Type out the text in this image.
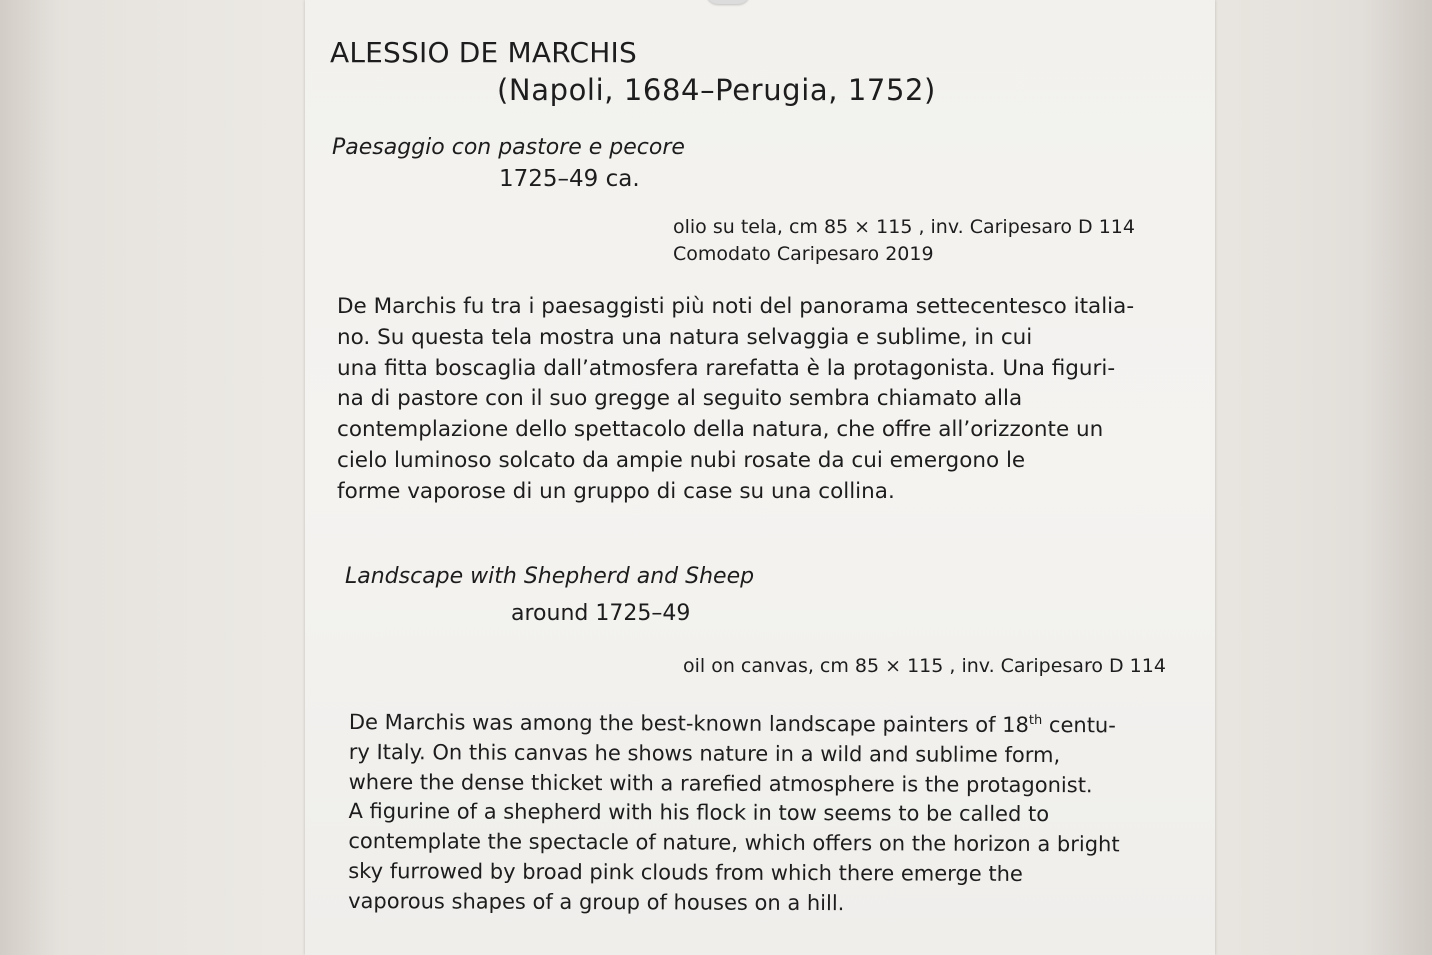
ALESSIO DE MARCHIS

(Napoli, 1684–Perugia, 1752)

Paesaggio con pastore e pecore

1725–49 ca.

olio su tela, cm 85 × 115 , inv. Caripesaro D 114

Comodato Caripesaro 2019

De Marchis fu tra i paesaggisti più noti del panorama settecentesco italia-
no. Su questa tela mostra una natura selvaggia e sublime, in cui
una fitta boscaglia dall’atmosfera rarefatta è la protagonista. Una figuri-
na di pastore con il suo gregge al seguito sembra chiamato alla
contemplazione dello spettacolo della natura, che offre all’orizzonte un
cielo luminoso solcato da ampie nubi rosate da cui emergono le
forme vaporose di un gruppo di case su una collina.

Landscape with Shepherd and Sheep

around 1725–49

oil on canvas, cm 85 × 115 , inv. Caripesaro D 114

De Marchis was among the best-known landscape painters of 18th centu-
ry Italy. On this canvas he shows nature in a wild and sublime form,
where the dense thicket with a rarefied atmosphere is the protagonist.
A figurine of a shepherd with his flock in tow seems to be called to
contemplate the spectacle of nature, which offers on the horizon a bright
sky furrowed by broad pink clouds from which there emerge the
vaporous shapes of a group of houses on a hill.
